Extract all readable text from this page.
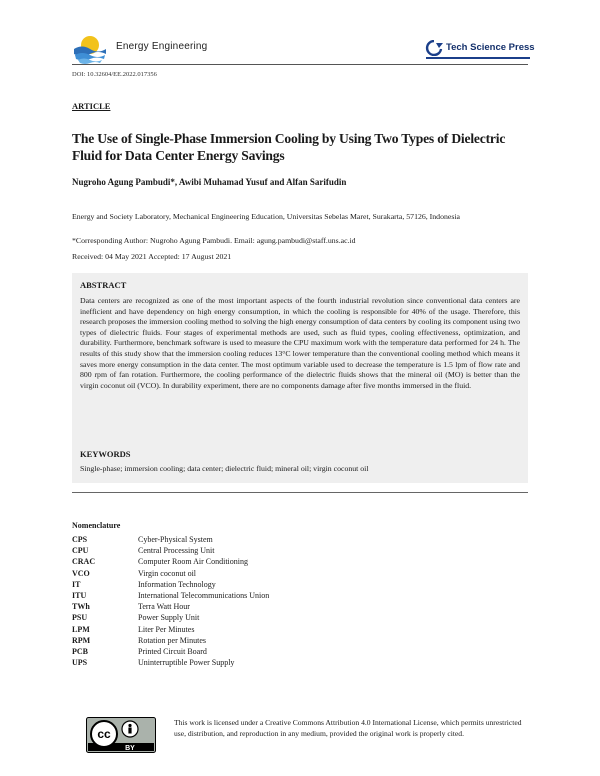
Energy Engineering	Tech Science Press
DOI: 10.32604/EE.2022.017356
ARTICLE
The Use of Single-Phase Immersion Cooling by Using Two Types of Dielectric Fluid for Data Center Energy Savings
Nugroho Agung Pambudi*, Awibi Muhamad Yusuf and Alfan Sarifudin
Energy and Society Laboratory, Mechanical Engineering Education, Universitas Sebelas Maret, Surakarta, 57126, Indonesia
*Corresponding Author: Nugroho Agung Pambudi. Email: agung.pambudi@staff.uns.ac.id
Received: 04 May 2021 Accepted: 17 August 2021
ABSTRACT
Data centers are recognized as one of the most important aspects of the fourth industrial revolution since conventional data centers are inefficient and have dependency on high energy consumption, in which the cooling is responsible for 40% of the usage. Therefore, this research proposes the immersion cooling method to solving the high energy consumption of data centers by cooling its component using two types of dielectric fluids. Four stages of experimental methods are used, such as fluid types, cooling effectiveness, optimization, and durability. Furthermore, benchmark software is used to measure the CPU maximum work with the temperature data performed for 24 h. The results of this study show that the immersion cooling reduces 13°C lower temperature than the conventional cooling method which means it saves more energy consumption in the data center. The most optimum variable used to decrease the temperature is 1.5 lpm of flow rate and 800 rpm of fan rotation. Furthermore, the cooling performance of the dielectric fluids shows that the mineral oil (MO) is better than the virgin coconut oil (VCO). In durability experiment, there are no components damage after five months immersed in the fluid.
KEYWORDS
Single-phase; immersion cooling; data center; dielectric fluid; mineral oil; virgin coconut oil
Nomenclature
CPS	Cyber-Physical System
CPU	Central Processing Unit
CRAC	Computer Room Air Conditioning
VCO	Virgin coconut oil
IT	Information Technology
ITU	International Telecommunications Union
TWh	Terra Watt Hour
PSU	Power Supply Unit
LPM	Liter Per Minutes
RPM	Rotation per Minutes
PCB	Printed Circuit Board
UPS	Uninterruptible Power Supply
cc
BY
This work is licensed under a Creative Commons Attribution 4.0 International License, which permits unrestricted use, distribution, and reproduction in any medium, provided the original work is properly cited.
